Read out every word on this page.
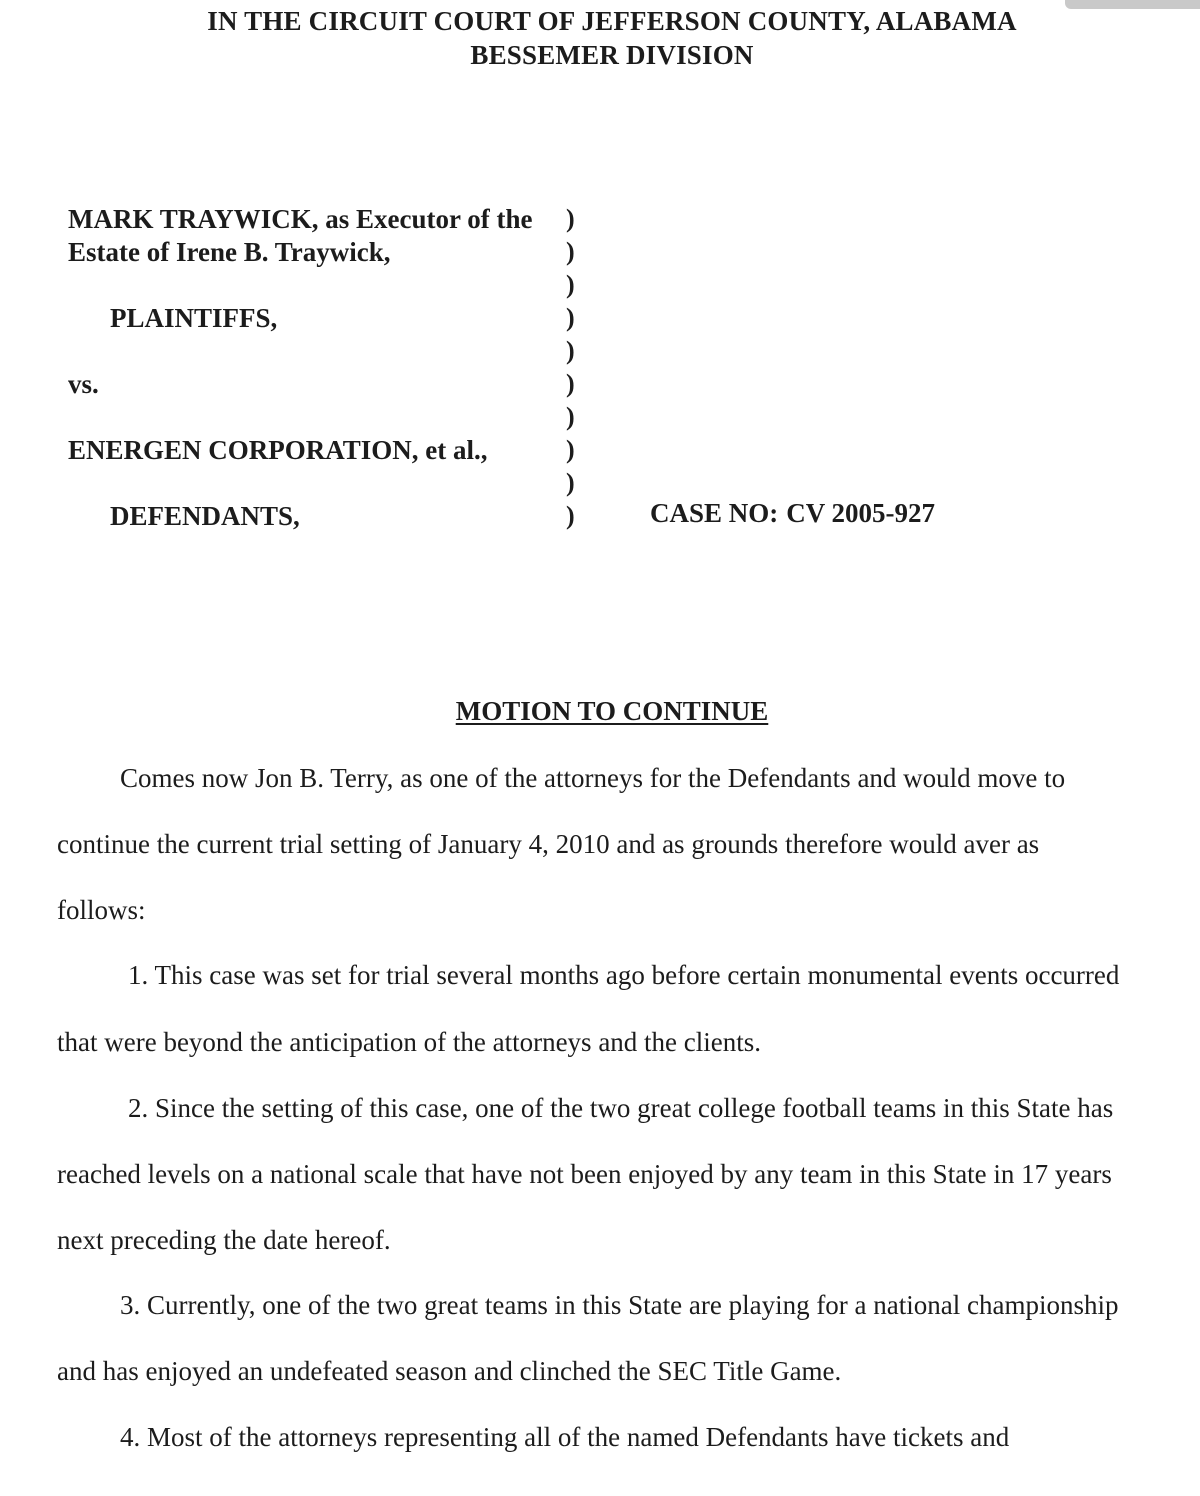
IN THE CIRCUIT COURT OF JEFFERSON COUNTY, ALABAMA
BESSEMER DIVISION
MARK TRAYWICK, as Executor of the
Estate of Irene B. Traywick,
PLAINTIFFS,
vs.
ENERGEN CORPORATION, et al.,
DEFENDANTS,
)
)
)
)
)
)
)
)
)
)	CASE NO: CV 2005-927
MOTION TO CONTINUE
Comes now Jon B. Terry, as one of the attorneys for the Defendants and would move to
continue the current trial setting of January 4, 2010 and as grounds therefore would aver as
follows:
1. This case was set for trial several months ago before certain monumental events occurred
that were beyond the anticipation of the attorneys and the clients.
2. Since the setting of this case, one of the two great college football teams in this State has
reached levels on a national scale that have not been enjoyed by any team in this State in 17 years
next preceding the date hereof.
3. Currently, one of the two great teams in this State are playing for a national championship
and has enjoyed an undefeated season and clinched the SEC Title Game.
4. Most of the attorneys representing all of the named Defendants have tickets and
